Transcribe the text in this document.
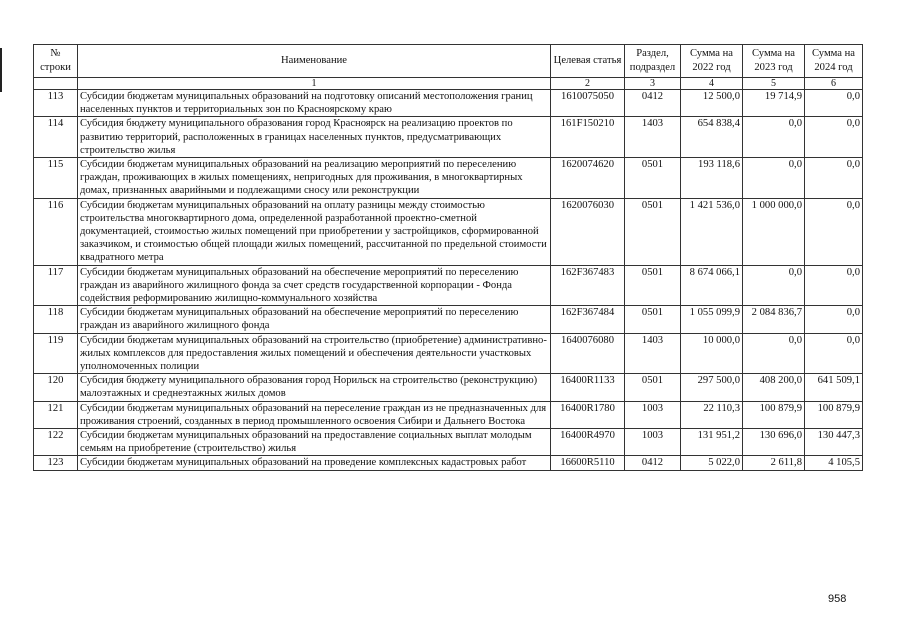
№ строки	Наименование	Целевая статья	Раздел, подраздел	Сумма на 2022 год	Сумма на 2023 год	Сумма на 2024 год
	1	2	3	4	5	6
113	Субсидии бюджетам муниципальных образований на подготовку описаний местоположения границ населенных пунктов и территориальных зон по Красноярскому краю	1610075050	0412	12 500,0	19 714,9	0,0
114	Субсидия бюджету муниципального образования город Красноярск на реализацию проектов по развитию территорий, расположенных в границах населенных пунктов, предусматривающих строительство жилья	161F150210	1403	654 838,4	0,0	0,0
115	Субсидии бюджетам муниципальных образований на реализацию мероприятий по переселению граждан, проживающих в жилых помещениях, непригодных для проживания, в многоквартирных домах, признанных аварийными и подлежащими сносу или реконструкции	1620074620	0501	193 118,6	0,0	0,0
116	Субсидии бюджетам муниципальных образований на оплату разницы между стоимостью строительства многоквартирного дома, определенной разработанной проектно-сметной документацией, стоимостью жилых помещений при приобретении у застройщиков, сформированной заказчиком, и стоимостью общей площади жилых помещений, рассчитанной по предельной стоимости квадратного метра	1620076030	0501	1 421 536,0	1 000 000,0	0,0
117	Субсидии бюджетам муниципальных образований на обеспечение мероприятий по переселению граждан из аварийного жилищного фонда за счет средств государственной корпорации - Фонда содействия реформированию жилищно-коммунального хозяйства	162F367483	0501	8 674 066,1	0,0	0,0
118	Субсидии бюджетам муниципальных образований на обеспечение мероприятий по переселению граждан из аварийного жилищного фонда	162F367484	0501	1 055 099,9	2 084 836,7	0,0
119	Субсидии бюджетам муниципальных образований на строительство (приобретение) административно-жилых комплексов для предоставления жилых помещений и обеспечения деятельности участковых уполномоченных полиции	1640076080	1403	10 000,0	0,0	0,0
120	Субсидия бюджету муниципального образования город Норильск на строительство (реконструкцию) малоэтажных и среднеэтажных жилых домов	16400R1133	0501	297 500,0	408 200,0	641 509,1
121	Субсидии бюджетам муниципальных образований на переселение граждан из не предназначенных для проживания строений, созданных в период промышленного освоения Сибири и Дальнего Востока	16400R1780	1003	22 110,3	100 879,9	100 879,9
122	Субсидии бюджетам муниципальных образований на предоставление социальных выплат молодым семьям на приобретение (строительство) жилья	16400R4970	1003	131 951,2	130 696,0	130 447,3
123	Субсидии бюджетам муниципальных образований на проведение комплексных кадастровых работ	16600R5110	0412	5 022,0	2 611,8	4 105,5
958
